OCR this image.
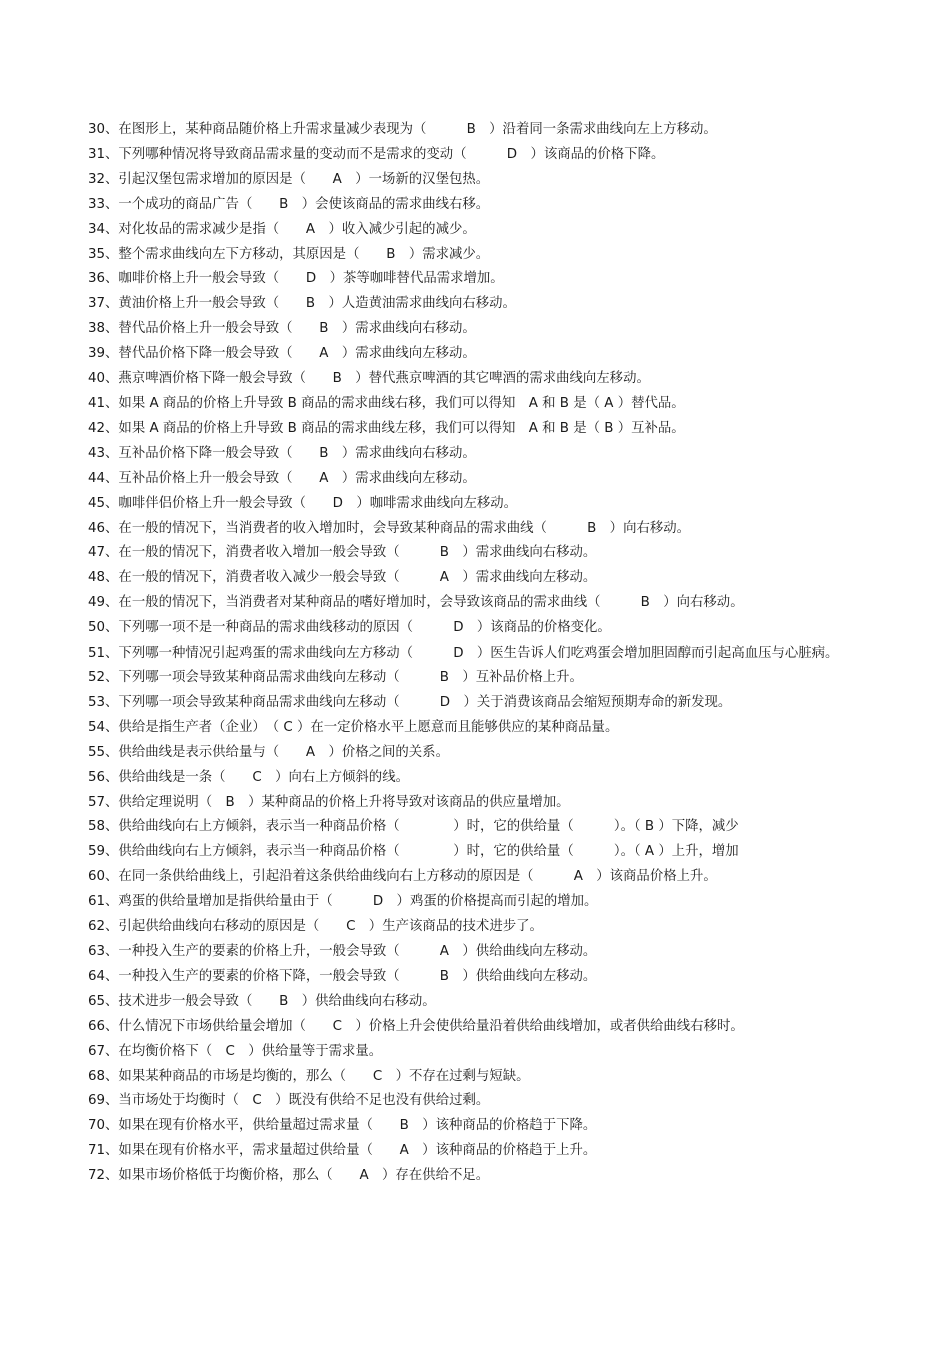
30、在图形上，某种商品随价格上升需求量减少表现为（　　　B　）沿着同一条需求曲线向左上方移动。
31、下列哪种情况将导致商品需求量的变动而不是需求的变动（　　　D　）该商品的价格下降。
32、引起汉堡包需求增加的原因是（　　A　）一场新的汉堡包热。
33、一个成功的商品广告（　　B　）会使该商品的需求曲线右移。
34、对化妆品的需求减少是指（　　A　）收入减少引起的减少。
35、整个需求曲线向左下方移动，其原因是（　　B　）需求减少。
36、咖啡价格上升一般会导致（　　D　）茶等咖啡替代品需求增加。
37、黄油价格上升一般会导致（　　B　）人造黄油需求曲线向右移动。
38、替代品价格上升一般会导致（　　B　）需求曲线向右移动。
39、替代品价格下降一般会导致（　　A　）需求曲线向左移动。
40、燕京啤酒价格下降一般会导致（　　B　）替代燕京啤酒的其它啤酒的需求曲线向左移动。
41、如果 A 商品的价格上升导致 B 商品的需求曲线右移，我们可以得知　A 和 B 是（ A ）替代品。
42、如果 A 商品的价格上升导致 B 商品的需求曲线左移，我们可以得知　A 和 B 是（ B ）互补品。
43、互补品价格下降一般会导致（　　B　）需求曲线向右移动。
44、互补品价格上升一般会导致（　　A　）需求曲线向左移动。
45、咖啡伴侣价格上升一般会导致（　　D　）咖啡需求曲线向左移动。
46、在一般的情况下，当消费者的收入增加时，会导致某种商品的需求曲线（　　　B　）向右移动。
47、在一般的情况下，消费者收入增加一般会导致（　　　B　）需求曲线向右移动。
48、在一般的情况下，消费者收入减少一般会导致（　　　A　）需求曲线向左移动。
49、在一般的情况下，当消费者对某种商品的嗜好增加时，会导致该商品的需求曲线（　　　B　）向右移动。
50、下列哪一项不是一种商品的需求曲线移动的原因（　　　D　）该商品的价格变化。
51、下列哪一种情况引起鸡蛋的需求曲线向左方移动（　　　D　）医生告诉人们吃鸡蛋会增加胆固醇而引起高血压与心脏病。
52、下列哪一项会导致某种商品需求曲线向左移动（　　　B　）互补品价格上升。
53、下列哪一项会导致某种商品需求曲线向左移动（　　　D　）关于消费该商品会缩短预期寿命的新发现。
54、供给是指生产者（企业）　（ C ）在一定价格水平上愿意而且能够供应的某种商品量。
55、供给曲线是表示供给量与（　　A　）价格之间的关系。
56、供给曲线是一条（　　C　）向右上方倾斜的线。
57、供给定理说明（　B　）某种商品的价格上升将导致对该商品的供应量增加。
58、供给曲线向右上方倾斜，表示当一种商品价格（　　　　）时，它的供给量（　　　）。（ B ）下降，减少
59、供给曲线向右上方倾斜，表示当一种商品价格（　　　　）时，它的供给量（　　　）。（ A ）上升，增加
60、在同一条供给曲线上，引起沿着这条供给曲线向右上方移动的原因是（　　　A　）该商品价格上升。
61、鸡蛋的供给量增加是指供给量由于（　　　D　）鸡蛋的价格提高而引起的增加。
62、引起供给曲线向右移动的原因是（　　C　）生产该商品的技术进步了。
63、一种投入生产的要素的价格上升，一般会导致（　　　A　）供给曲线向左移动。
64、一种投入生产的要素的价格下降，一般会导致（　　　B　）供给曲线向左移动。
65、技术进步一般会导致（　　B　）供给曲线向右移动。
66、什么情况下市场供给量会增加（　　C　）价格上升会使供给量沿着供给曲线增加，或者供给曲线右移时。
67、在均衡价格下（　C　）供给量等于需求量。
68、如果某种商品的市场是均衡的，那么（　　C　）不存在过剩与短缺。
69、当市场处于均衡时（　C　）既没有供给不足也没有供给过剩。
70、如果在现有价格水平，供给量超过需求量（　　B　）该种商品的价格趋于下降。
71、如果在现有价格水平，需求量超过供给量（　　A　）该种商品的价格趋于上升。
72、如果市场价格低于均衡价格，那么（　　A　）存在供给不足。
